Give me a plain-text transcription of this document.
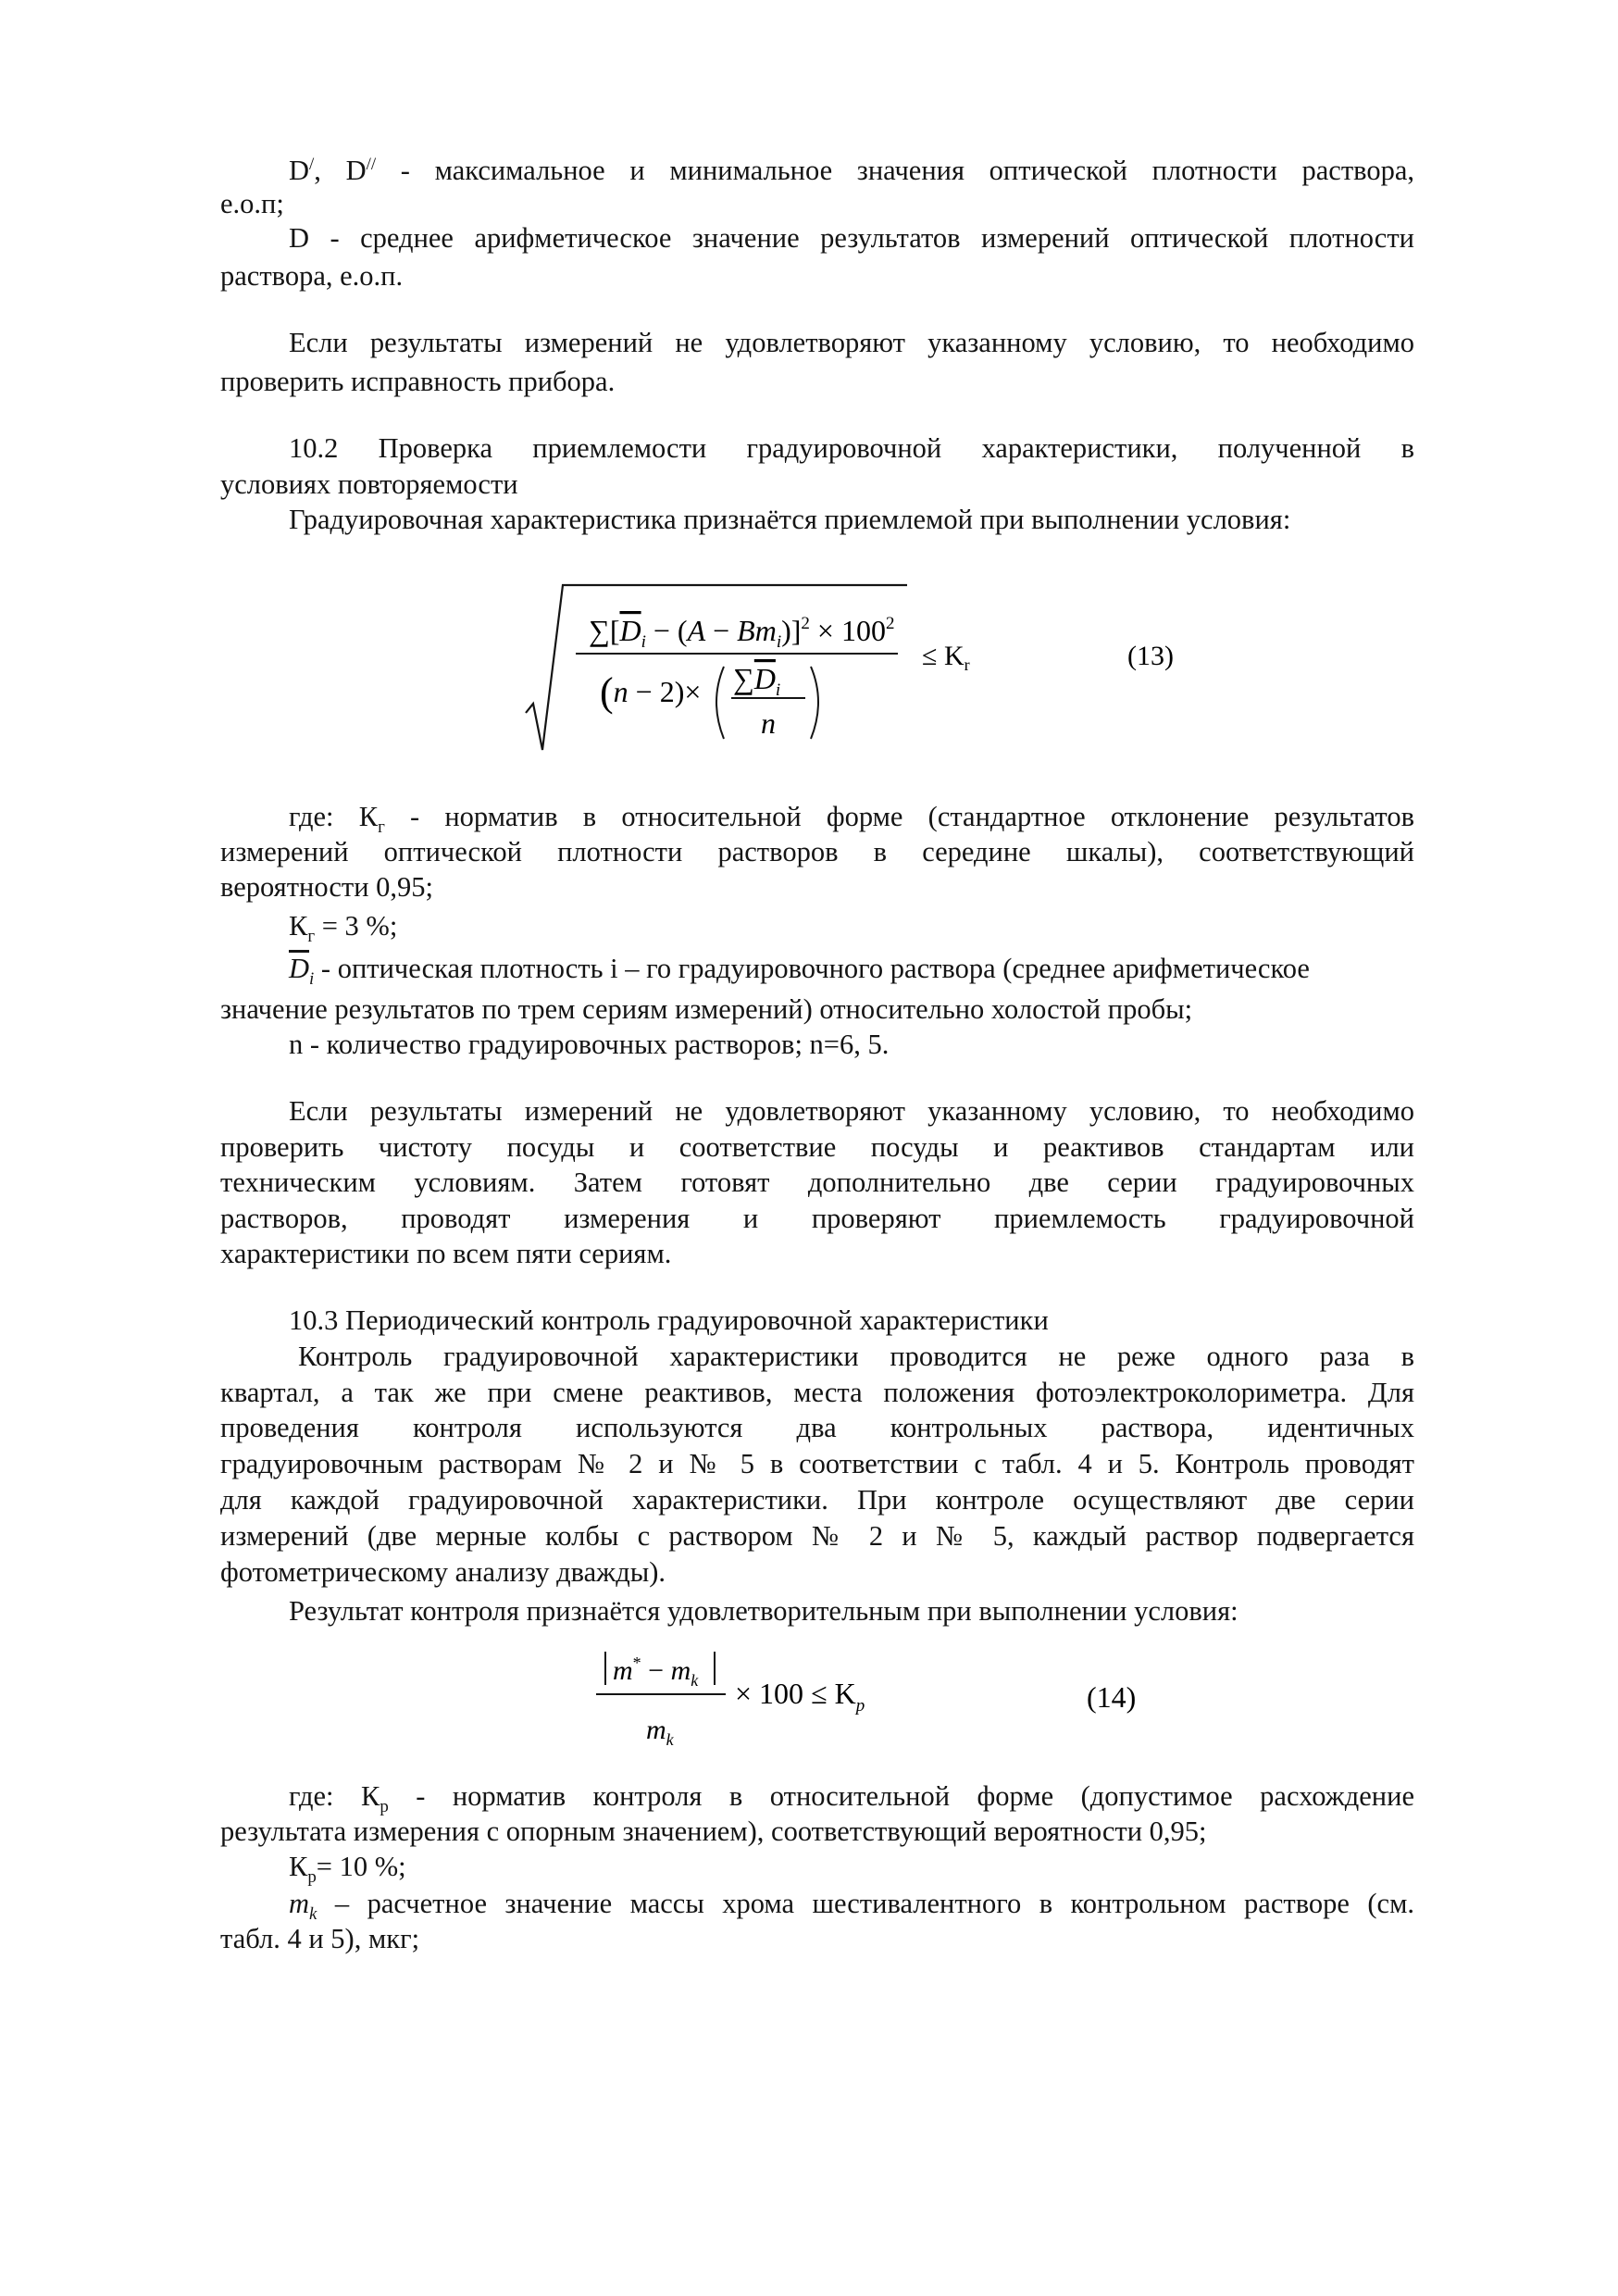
D/, D// - максимальное и минимальное значения оптической плотности раствора,
е.о.п;
D - среднее арифметическое значение результатов измерений оптической плотности
раствора, е.о.п.
Если результаты измерений не удовлетворяют указанному условию, то необходимо
проверить исправность прибора.
10.2 Проверка приемлемости градуировочной характеристики, полученной в
условиях повторяемости
Градуировочная характеристика признаётся приемлемой при выполнении условия:
$\sum[D_i - (A - Bm_i)]^2 \times 100^2$
$(n - 2)\times \sum D_i$
n
≤ $K_r$	(13)
где: $К_г$ - норматив в относительной форме (стандартное отклонение результатов
измерений оптической плотности растворов в середине шкалы), соответствующий
вероятности 0,95;
$К_г = 3$ %;
$\overline{D}_i$ - оптическая плотность i – го градуировочного раствора (среднее арифметическое
значение результатов по трем сериям измерений) относительно холостой пробы;
n - количество градуировочных растворов; n=6, 5.
Если результаты измерений не удовлетворяют указанному условию, то необходимо
проверить чистоту посуды и соответствие посуды и реактивов стандартам или
техническим условиям. Затем готовят дополнительно две серии градуировочных
растворов, проводят измерения и проверяют приемлемость градуировочной
характеристики по всем пяти сериям.
10.3 Периодический контроль градуировочной характеристики
Контроль градуировочной характеристики проводится не реже одного раза в
квартал, а так же при смене реактивов, места положения фотоэлектроколориметра. Для
проведения контроля используются два контрольных раствора, идентичных
градуировочным растворам № 2 и № 5 в соответствии с табл. 4 и 5. Контроль проводят
для каждой градуировочной характеристики. При контроле осуществляют две серии
измерений (две мерные колбы с раствором № 2 и № 5, каждый раствор подвергается
фотометрическому анализу дважды).
Результат контроля признаётся удовлетворительным при выполнении условия:
$m^* - m_k$
$m_k$
× $100 \le K_p$	(14)
где: $К_р$ - норматив контроля в относительной форме (допустимое расхождение
результата измерения с опорным значением), соответствующий вероятности 0,95;
$К_р= 10$ %;
$m_k$ – расчетное значение массы хрома шестивалентного в контрольном растворе (см.
табл. 4 и 5), мкг;
